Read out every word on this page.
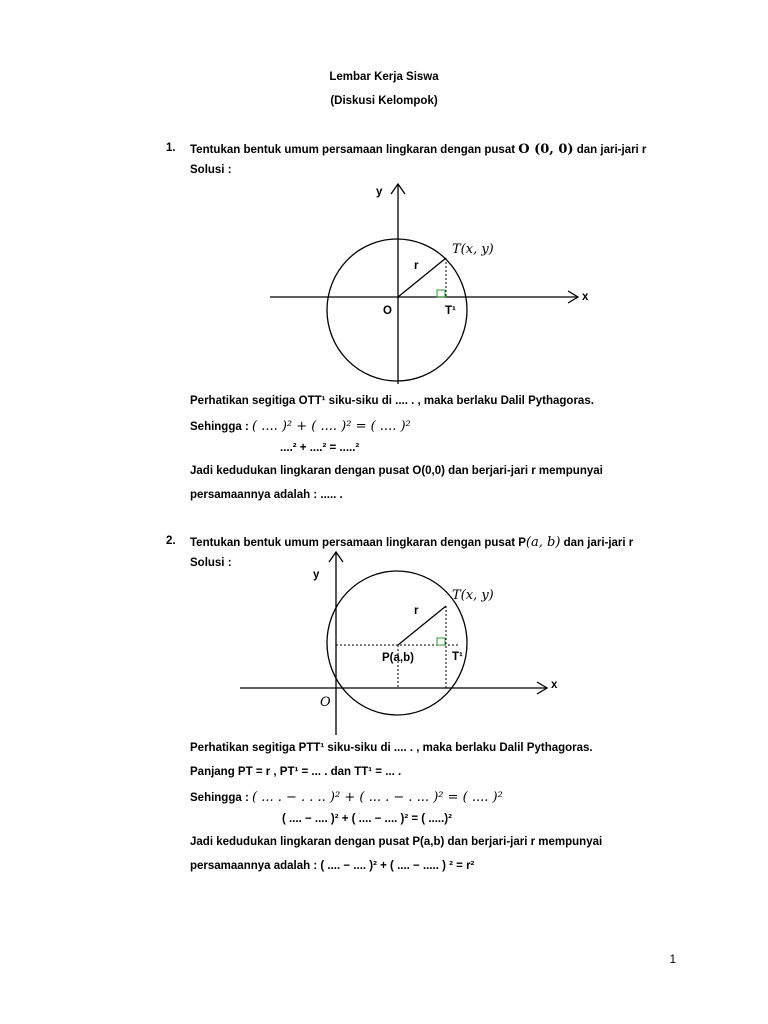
Lembar Kerja Siswa
(Diskusi Kelompok)
1. Tentukan bentuk umum persamaan lingkaran dengan pusat O (0, 0) dan jari-jari r
Solusi :
y
x
O
T(x, y)
r
T¹
Perhatikan segitiga OTT¹ siku-siku di .... . , maka berlaku Dalil Pythagoras.
Sehingga : ( .... )² + ( .... )² = ( .... )²
....² + ....² = .....²
Jadi kedudukan lingkaran dengan pusat O(0,0) dan berjari-jari r mempunyai
persamaannya adalah : ..... .
2. Tentukan bentuk umum persamaan lingkaran dengan pusat P(a, b) dan jari-jari r
Solusi :
y
x
O
T(x, y)
r
P(a,b)	T¹
Perhatikan segitiga PTT¹ siku-siku di .... . , maka berlaku Dalil Pythagoras.
Panjang PT = r , PT¹ = ... . dan TT¹ = ... .
Sehingga : ( ... . − . . .. )² + ( ... . − . ... )² = ( .... )²
( .... − .... )² + ( .... − .... )² = ( .....)²
Jadi kedudukan lingkaran dengan pusat P(a,b) dan berjari-jari r mempunyai
persamaannya adalah : ( .... − .... )² + ( .... − ..... ) ² = r²
1
